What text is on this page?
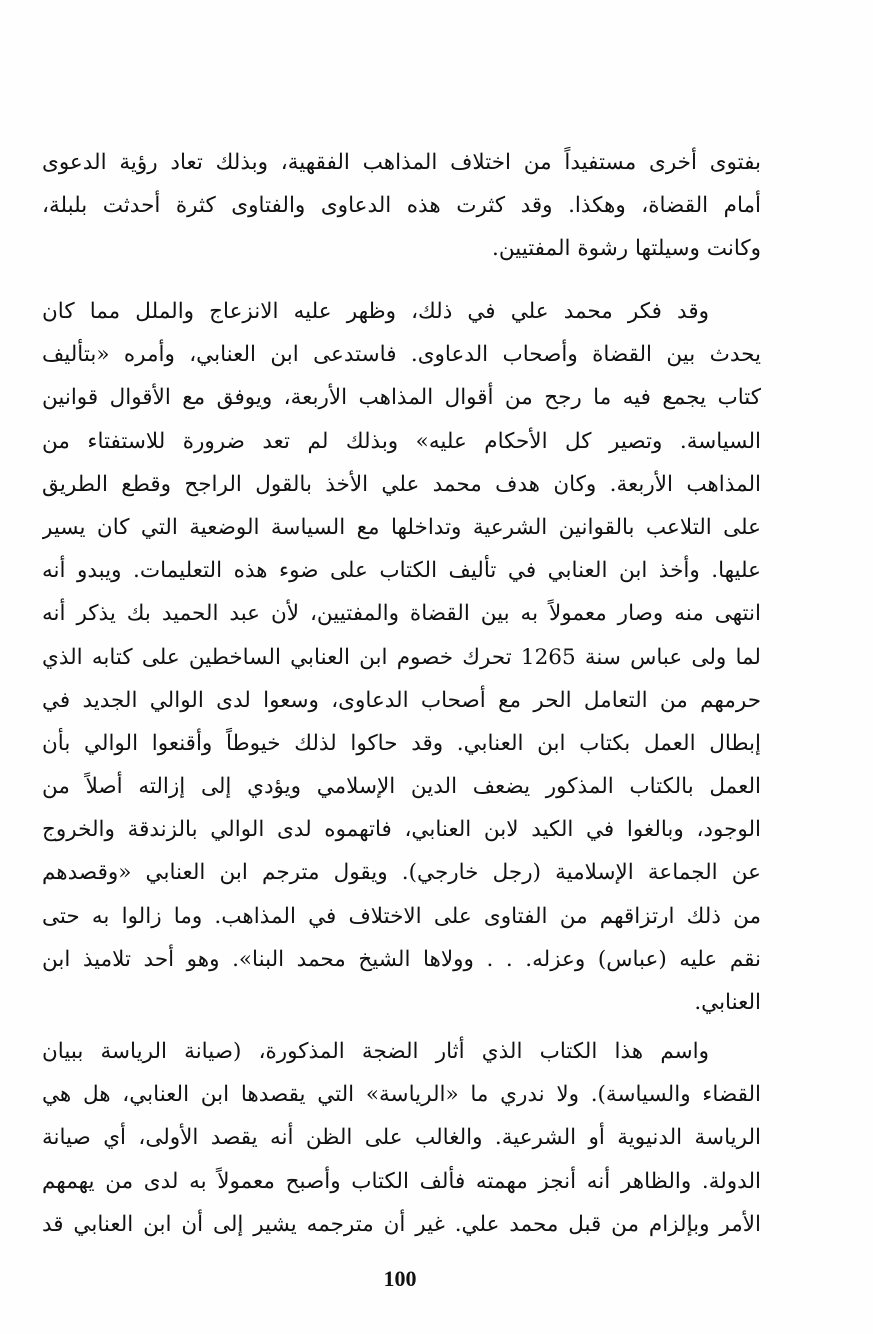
بفتوى أخرى مستفيداً من اختلاف المذاهب الفقهية، وبذلك تعاد رؤية الدعوى
أمام القضاة، وهكذا. وقد كثرت هذه الدعاوى والفتاوى كثرة أحدثت بلبلة،
وكانت وسيلتها رشوة المفتيين.
وقد فكر محمد علي في ذلك، وظهر عليه الانزعاج والملل مما كان
يحدث بين القضاة وأصحاب الدعاوى. فاستدعى ابن العنابي، وأمره «بتأليف
كتاب يجمع فيه ما رجح من أقوال المذاهب الأربعة، ويوفق مع الأقوال قوانين
السياسة. وتصير كل الأحكام عليه» وبذلك لم تعد ضرورة للاستفتاء من
المذاهب الأربعة. وكان هدف محمد علي الأخذ بالقول الراجح وقطع الطريق
على التلاعب بالقوانين الشرعية وتداخلها مع السياسة الوضعية التي كان يسير
عليها. وأخذ ابن العنابي في تأليف الكتاب على ضوء هذه التعليمات. ويبدو أنه
انتهى منه وصار معمولاً به بين القضاة والمفتيين، لأن عبد الحميد بك يذكر أنه
لما ولى عباس سنة 1265 تحرك خصوم ابن العنابي الساخطين على كتابه الذي
حرمهم من التعامل الحر مع أصحاب الدعاوى، وسعوا لدى الوالي الجديد في
إبطال العمل بكتاب ابن العنابي. وقد حاكوا لذلك خيوطاً وأقنعوا الوالي بأن
العمل بالكتاب المذكور يضعف الدين الإسلامي ويؤدي إلى إزالته أصلاً من
الوجود، وبالغوا في الكيد لابن العنابي، فاتهموه لدى الوالي بالزندقة والخروج
عن الجماعة الإسلامية (رجل خارجي). ويقول مترجم ابن العنابي «وقصدهم
من ذلك ارتزاقهم من الفتاوى على الاختلاف في المذاهب. وما زالوا به حتى
نقم عليه (عباس) وعزله. . . وولاها الشيخ محمد البنا». وهو أحد تلاميذ ابن
العنابي.
واسم هذا الكتاب الذي أثار الضجة المذكورة، (صيانة الرياسة ببيان
القضاء والسياسة). ولا ندري ما «الرياسة» التي يقصدها ابن العنابي، هل هي
الرياسة الدنيوية أو الشرعية. والغالب على الظن أنه يقصد الأولى، أي صيانة
الدولة. والظاهر أنه أنجز مهمته فألف الكتاب وأصبح معمولاً به لدى من يهمهم
الأمر وبإلزام من قبل محمد علي. غير أن مترجمه يشير إلى أن ابن العنابي قد
100
